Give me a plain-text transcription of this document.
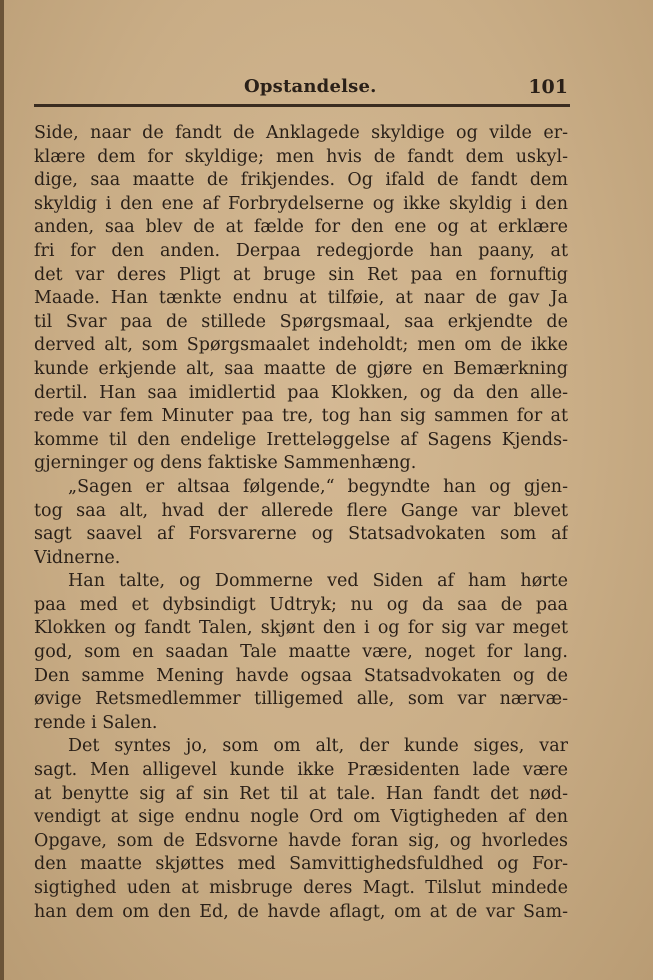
Opstandelse.	101
Side, naar de fandt de Anklagede skyldige og vilde er-
klære dem for skyldige; men hvis de fandt dem uskyl-
dige, saa maatte de frikjendes. Og ifald de fandt dem
skyldig i den ene af Forbrydelserne og ikke skyldig i den
anden, saa blev de at fælde for den ene og at erklære
fri for den anden. Derpaa redegjorde han paany, at
det var deres Pligt at bruge sin Ret paa en fornuftig
Maade. Han tænkte endnu at tilføie, at naar de gav Ja
til Svar paa de stillede Spørgsmaal, saa erkjendte de
derved alt, som Spørgsmaalet indeholdt; men om de ikke
kunde erkjende alt, saa maatte de gjøre en Bemærkning
dertil. Han saa imidlertid paa Klokken, og da den alle-
rede var fem Minuter paa tre, tog han sig sammen for at
komme til den endelige Iretteləggelse af Sagens Kjends-
gjerninger og dens faktiske Sammenhæng.
„Sagen er altsaa følgende,“ begyndte han og gjen-
tog saa alt, hvad der allerede flere Gange var blevet
sagt saavel af Forsvarerne og Statsadvokaten som af
Vidnerne.
Han talte, og Dommerne ved Siden af ham hørte
paa med et dybsindigt Udtryk; nu og da saa de paa
Klokken og fandt Talen, skjønt den i og for sig var meget
god, som en saadan Tale maatte være, noget for lang.
Den samme Mening havde ogsaa Statsadvokaten og de
øvige Retsmedlemmer tilligemed alle, som var nærvæ-
rende i Salen.
Det syntes jo, som om alt, der kunde siges, var
sagt. Men alligevel kunde ikke Præsidenten lade være
at benytte sig af sin Ret til at tale. Han fandt det nød-
vendigt at sige endnu nogle Ord om Vigtigheden af den
Opgave, som de Edsvorne havde foran sig, og hvorledes
den maatte skjøttes med Samvittighedsfuldhed og For-
sigtighed uden at misbruge deres Magt. Tilslut mindede
han dem om den Ed, de havde aflagt, om at de var Sam-
